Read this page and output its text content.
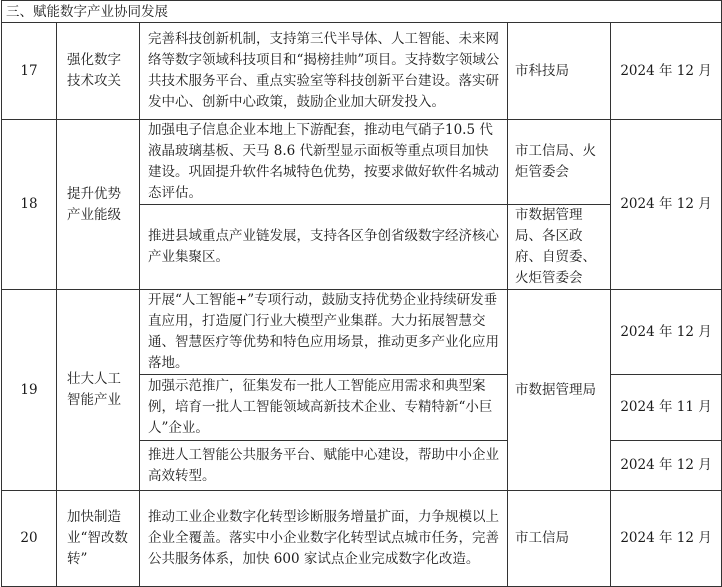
三、赋能数字产业协同发展				
17	强化数字技术攻关	完善科技创新机制，支持第三代半导体、人工智能、未来网络等数字领域科技项目和“揭榜挂帅”项目。支持数字领域公共技术服务平台、重点实验室等科技创新平台建设。落实研发中心、创新中心政策，鼓励企业加大研发投入。	市科技局	2024 年 12 月
18	提升优势产业能级	加强电子信息企业本地上下游配套，推动电气硝子10.5 代液晶玻璃基板、天马 8.6 代新型显示面板等重点项目加快建设。巩固提升软件名城特色优势，按要求做好软件名城动态评估。	市工信局、火炬管委会	2024 年 12 月
		推进县域重点产业链发展，支持各区争创省级数字经济核心产业集聚区。	市数据管理局、各区政府、自贸委、火炬管委会	
19	壮大人工智能产业	开展“人工智能+”专项行动，鼓励支持优势企业持续研发垂直应用，打造厦门行业大模型产业集群。大力拓展智慧交通、智慧医疗等优势和特色应用场景，推动更多产业化应用落地。	市数据管理局	2024 年 12 月
		加强示范推广，征集发布一批人工智能应用需求和典型案例，培育一批人工智能领域高新技术企业、专精特新“小巨人”企业。		2024 年 11 月
		推进人工智能公共服务平台、赋能中心建设，帮助中小企业高效转型。		2024 年 12 月
20	加快制造业“智改数转”	推动工业企业数字化转型诊断服务增量扩面，力争规模以上企业全覆盖。落实中小企业数字化转型试点城市任务，完善公共服务体系，加快 600 家试点企业完成数字化改造。	市工信局	2024 年 12 月
